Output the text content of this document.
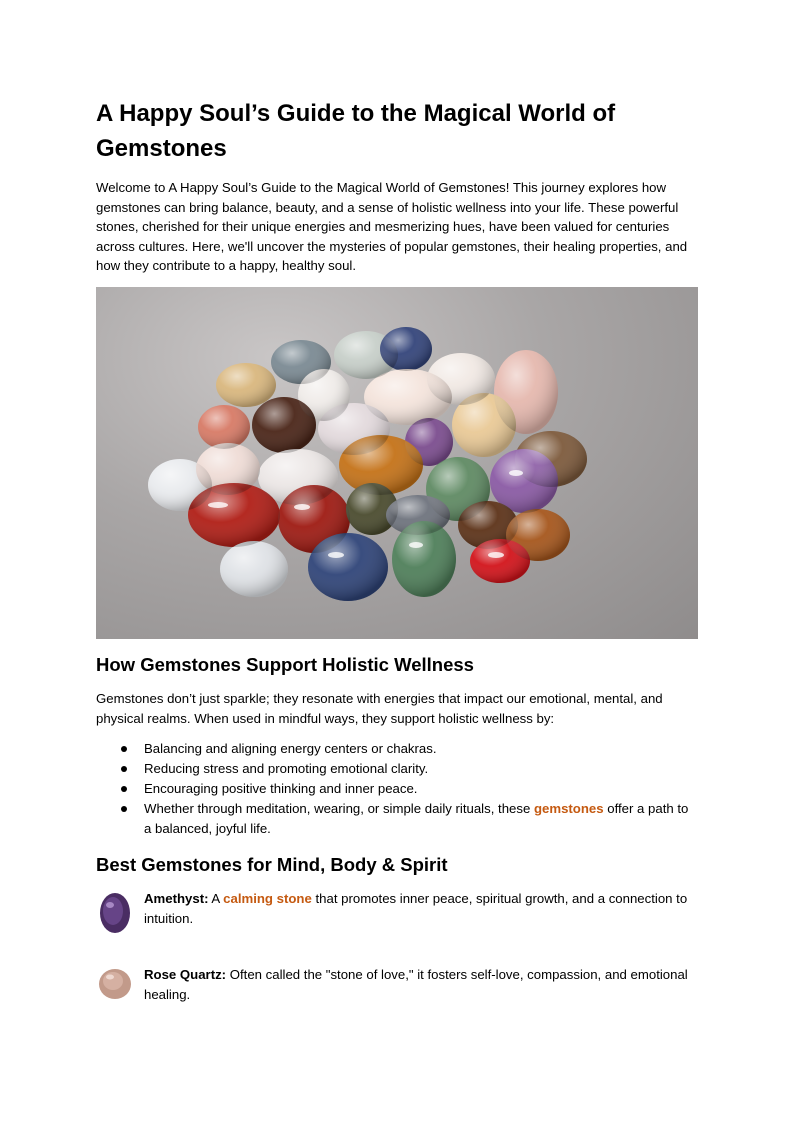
A Happy Soul’s Guide to the Magical World of Gemstones

Welcome to A Happy Soul’s Guide to the Magical World of Gemstones! This journey explores how gemstones can bring balance, beauty, and a sense of holistic wellness into your life. These powerful stones, cherished for their unique energies and mesmerizing hues, have been valued for centuries across cultures. Here, we'll uncover the mysteries of popular gemstones, their healing properties, and how they contribute to a happy, healthy soul.

How Gemstones Support Holistic Wellness

Gemstones don’t just sparkle; they resonate with energies that impact our emotional, mental, and physical realms. When used in mindful ways, they support holistic wellness by:

Balancing and aligning energy centers or chakras.
Reducing stress and promoting emotional clarity.
Encouraging positive thinking and inner peace.
Whether through meditation, wearing, or simple daily rituals, these gemstones offer a path to a balanced, joyful life.
Best Gemstones for Mind, Body & Spirit
Amethyst: A calming stone that promotes inner peace, spiritual growth, and a connection to intuition.
Rose Quartz: Often called the "stone of love," it fosters self-love, compassion, and emotional healing.
